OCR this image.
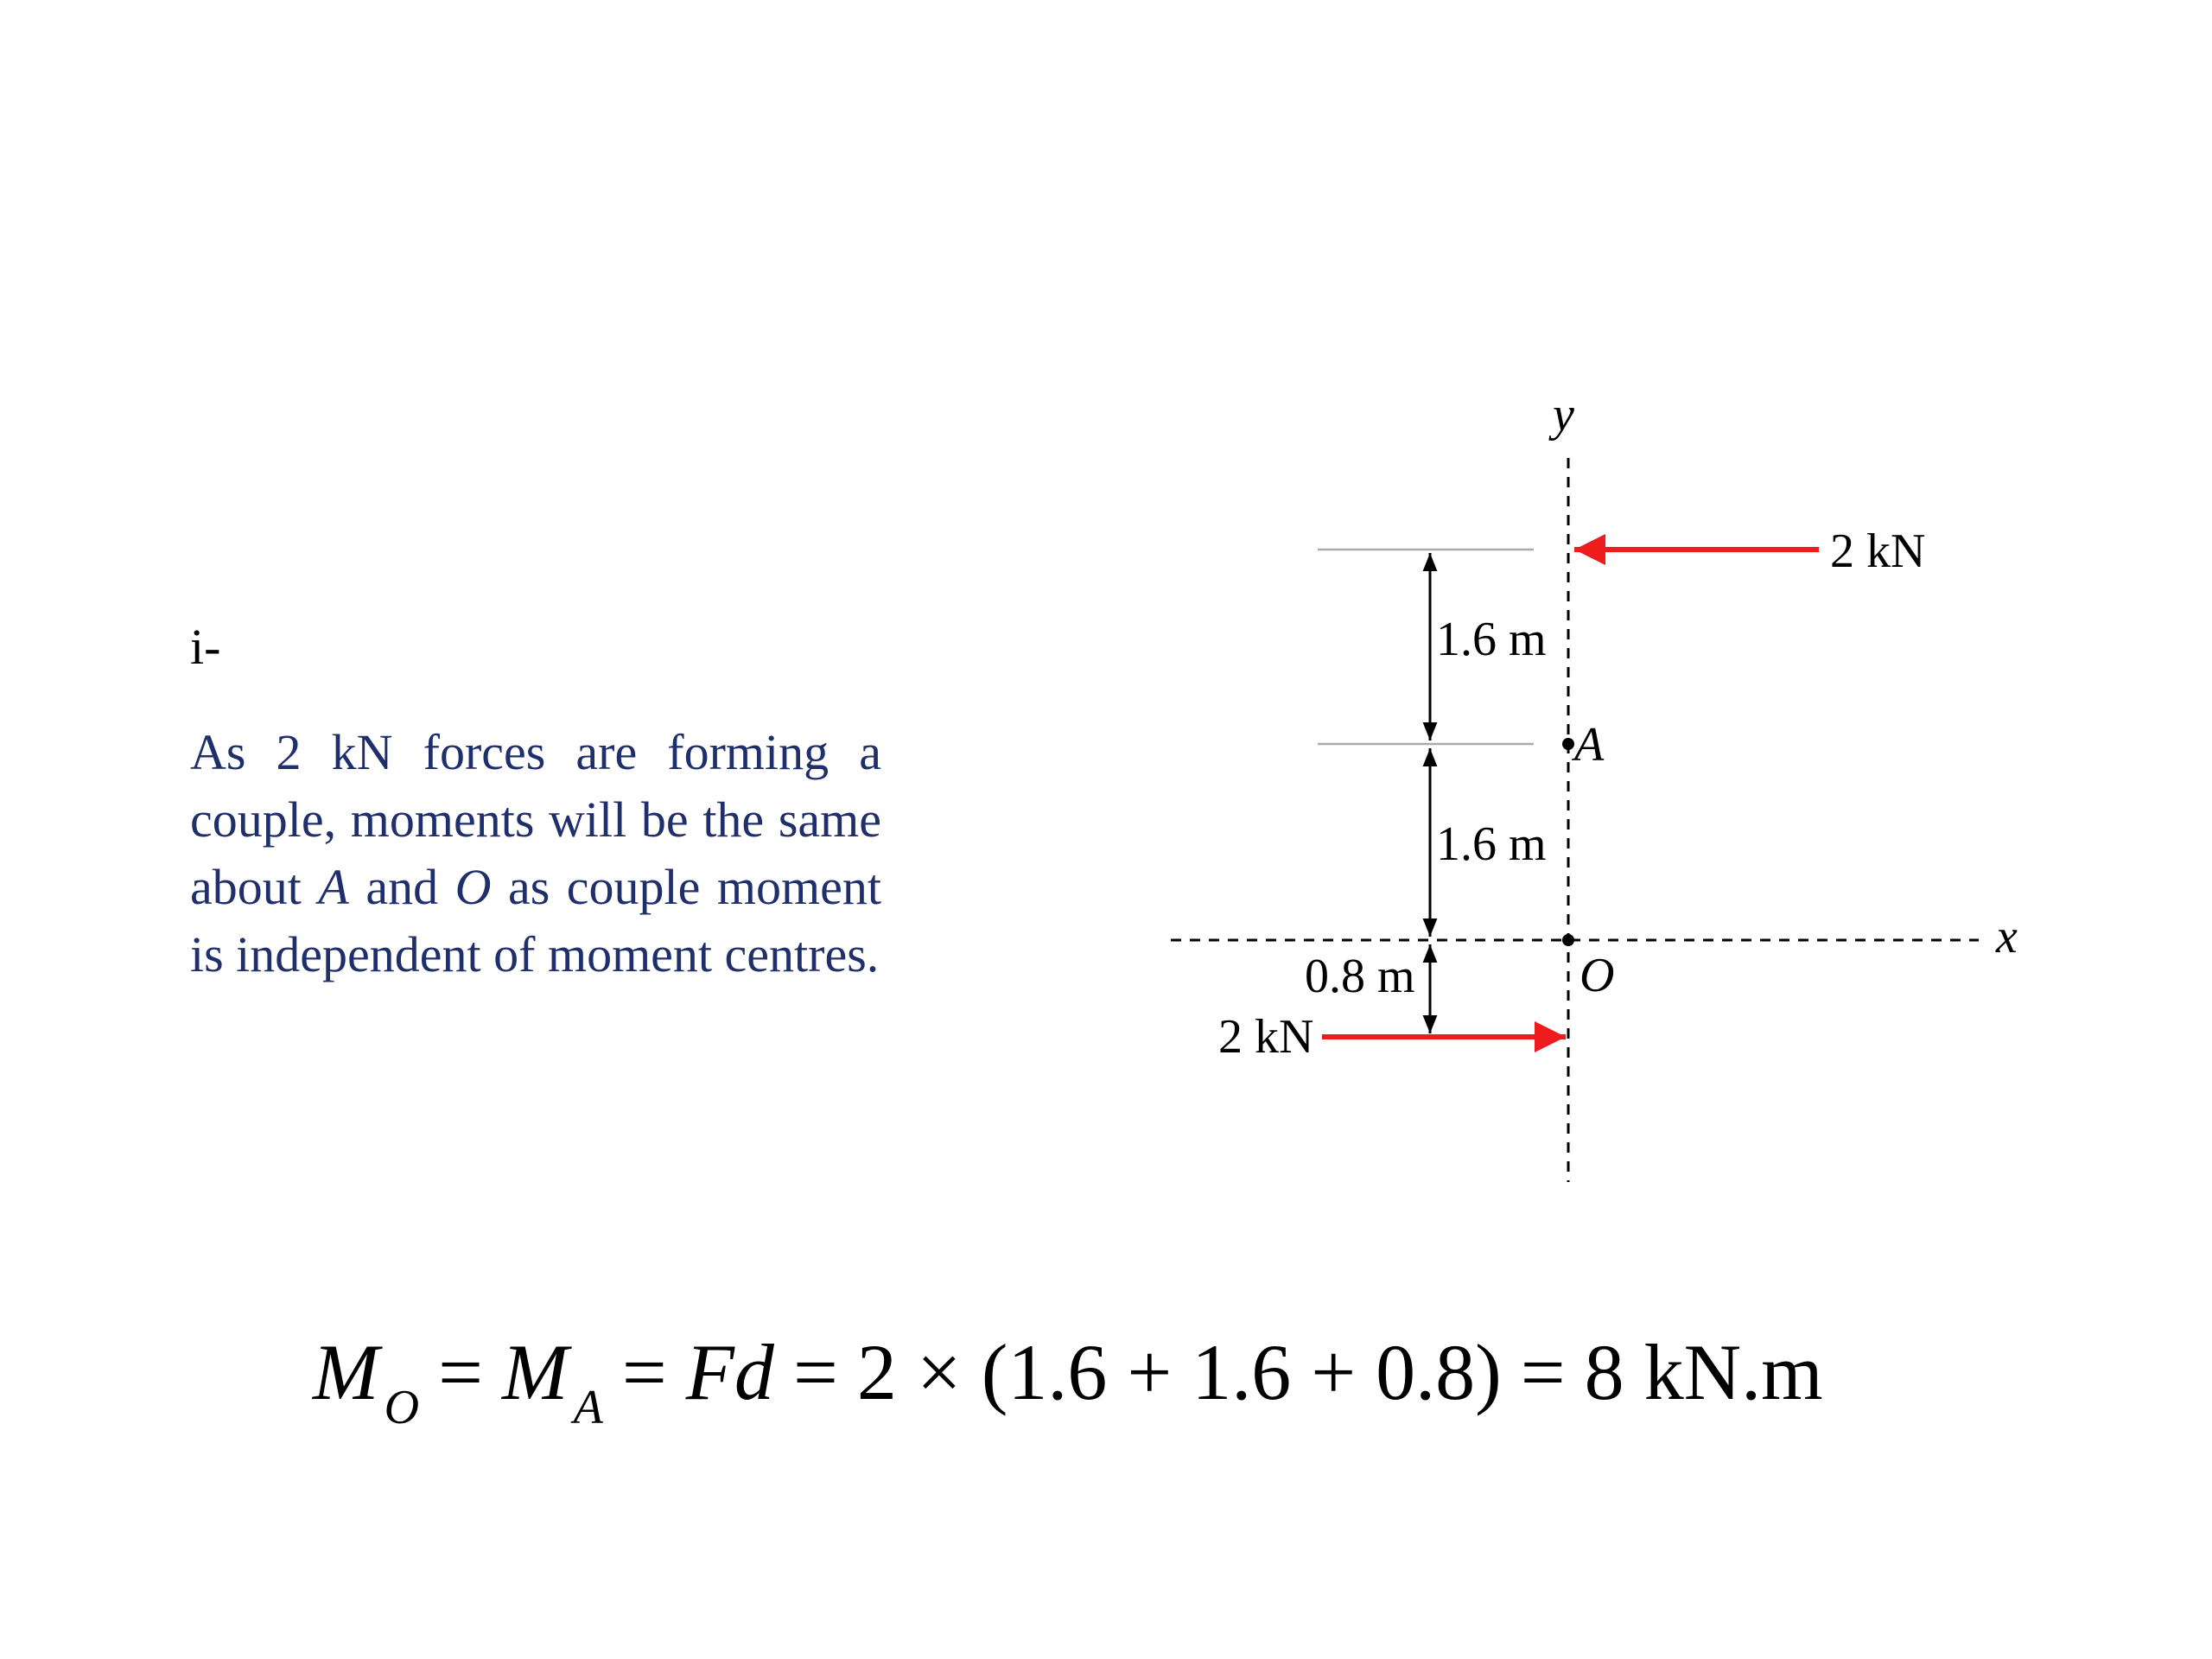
i-

As 2 kN forces are forming a couple, moments will be the same about A and O as couple moment is independent of moment centres.

y
x
A
O
2 kN
2 kN
1.6 m
1.6 m
0.8 m
M $_O$ = M $_A$ = Fd = 2 × (1.6 + 1.6 + 0.8) = 8 kN.m
